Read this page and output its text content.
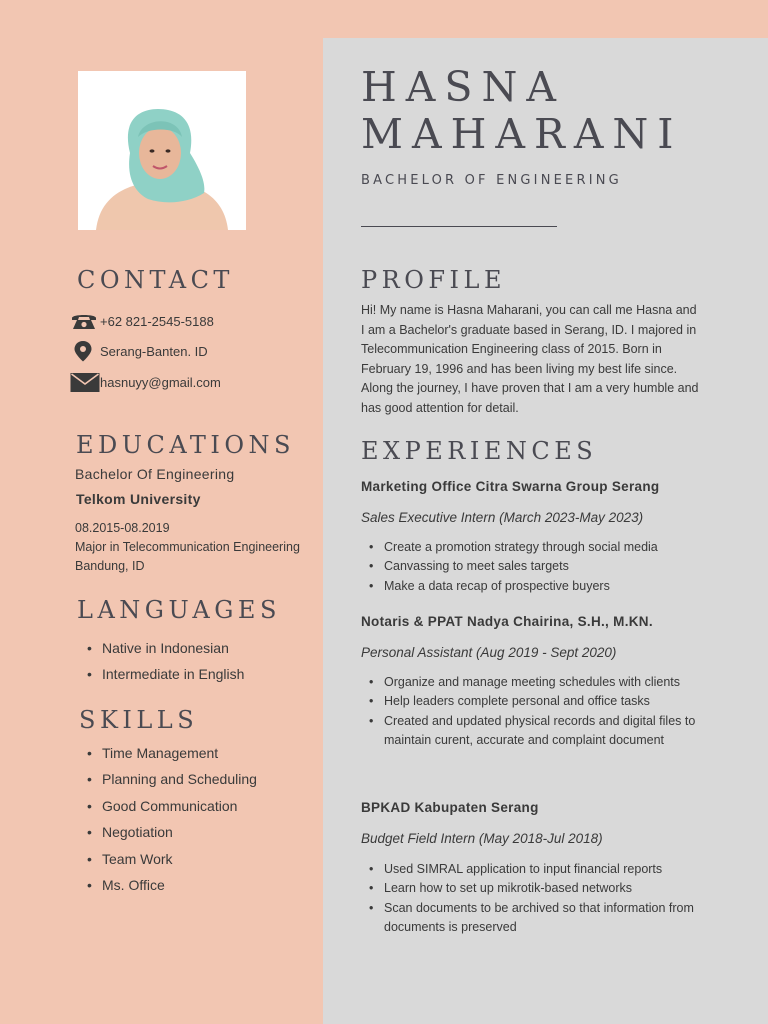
HASNA
MAHARANI
BACHELOR OF ENGINEERING
CONTACT
+62 821-2545-5188
Serang-Banten. ID
hasnuyy@gmail.com
EDUCATIONS
Bachelor Of Engineering
Telkom University
08.2015-08.2019
Major in Telecommunication Engineering
Bandung, ID
LANGUAGES
• Native in Indonesian
• Intermediate in English
SKILLS
• Time Management
• Planning and Scheduling
• Good Communication
• Negotiation
• Team Work
• Ms. Office
PROFILE
Hi! My name is Hasna Maharani, you can call me Hasna and I am a Bachelor's graduate based in Serang, ID. I majored in Telecommunication Engineering class of 2015. Born in February 19, 1996 and has been living my best life since. Along the journey, I have proven that I am a very humble and has good attention for detail.
EXPERIENCES
Marketing Office Citra Swarna Group Serang
Sales Executive Intern (March 2023-May 2023)
• Create a promotion strategy through social media
• Canvassing to meet sales targets
• Make a data recap of prospective buyers
Notaris & PPAT Nadya Chairina, S.H., M.KN.
Personal Assistant (Aug 2019 - Sept 2020)
• Organize and manage meeting schedules with clients
• Help leaders complete personal and office tasks
• Created and updated physical records and digital files to maintain curent, accurate and complaint document
BPKAD Kabupaten Serang
Budget Field Intern (May 2018-Jul 2018)
• Used SIMRAL application to input financial reports
• Learn how to set up mikrotik-based networks
• Scan documents to be archived so that information from documents is preserved
